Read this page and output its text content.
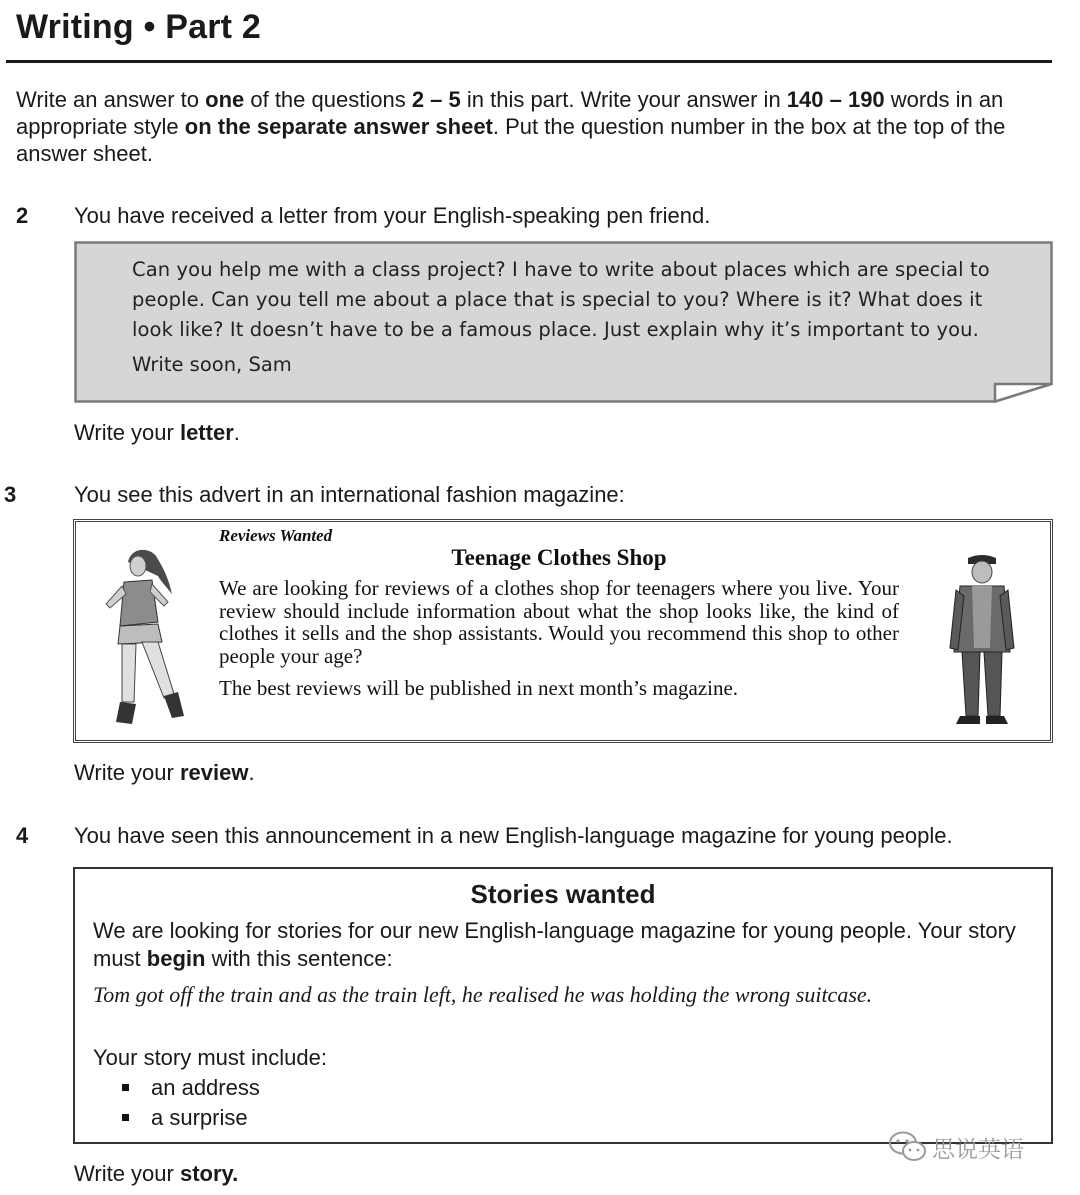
Writing • Part 2

Write an answer to one of the questions 2 – 5 in this part. Write your answer in 140 – 190 words in an appropriate style on the separate answer sheet. Put the question number in the box at the top of the answer sheet.

2 You have received a letter from your English-speaking pen friend.

Can you help me with a class project? I have to write about places which are special to people. Can you tell me about a place that is special to you? Where is it? What does it look like? It doesn’t have to be a famous place. Just explain why it’s important to you.

Write soon, Sam

Write your letter.
3	You see this advert in an international fashion magazine:
Reviews Wanted
Teenage Clothes Shop

We are looking for reviews of a clothes shop for teenagers where you live. Your review should include information about what the shop looks like, the kind of clothes it sells and the shop assistants. Would you recommend this shop to other people your age?

The best reviews will be published in next month’s magazine.

Write your review.
4 You have seen this announcement in a new English-language magazine for young people.
Stories wanted

We are looking for stories for our new English-language magazine for young people. Your story must begin with this sentence:

Tom got off the train and as the train left, he realised he was holding the wrong suitcase.

Your story must include:

an address
a surprise
Write your story.
思说英语
